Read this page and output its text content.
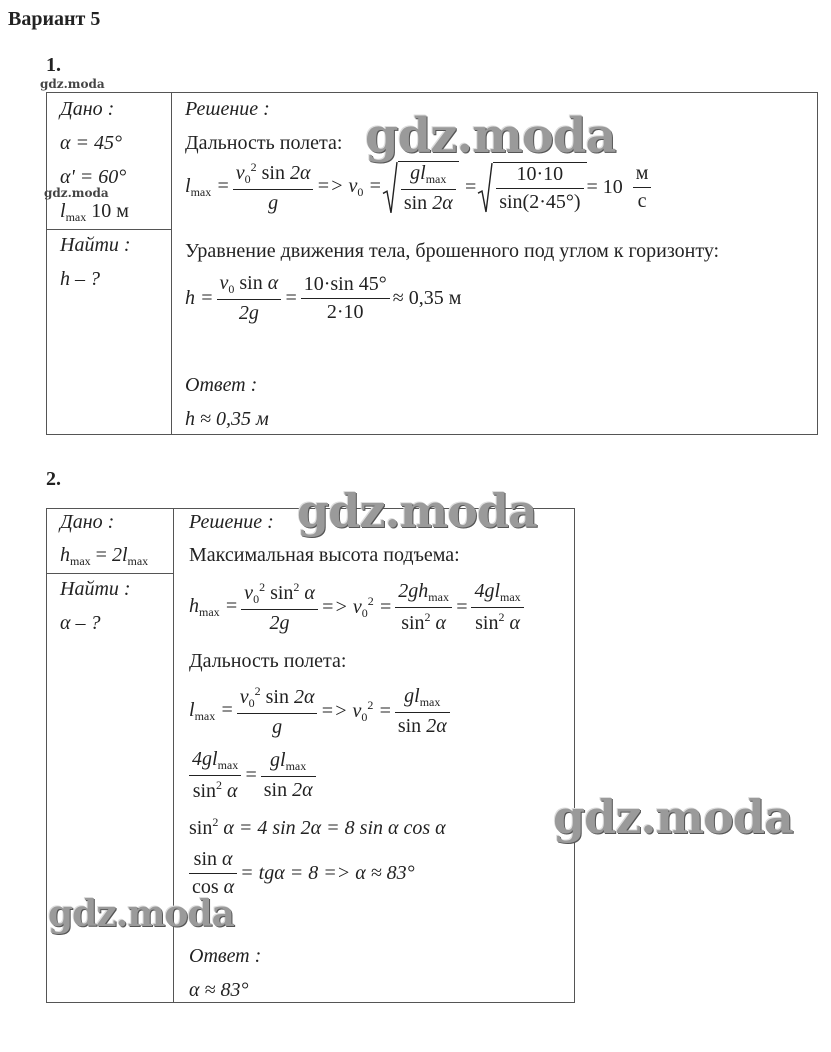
Вариант 5
1.
gdz.moda
Дано :
α = 45°
α' = 60°
gdz.moda
$l_{max}$ 10 м
Найти :
h – ?
Решение :
Дальность полета:
$l_{max} = \frac{v_0^2 \sin 2\alpha}{g} => v_0 = \frac{gl_{max}}{\sin 2\alpha} = \frac{10\cdot 10}{\sin(2\cdot 45^\circ)} = 10 \frac{м}{с}$
Уравнение движения тела, брошенного под углом к горизонту:
$h = \frac{v_0 \sin \alpha}{2g} = \frac{10\cdot\sin 45^\circ}{2\cdot 10} \approx 0,35$ м
Ответ :
h ≈ 0,35 м
gdz.moda
2.
Дано :
$h_{max} = 2l_{max}$
Найти :
α – ?
Решение :
Максимальная высота подъема:
$h_{max} = \frac{v_0^2 \sin^2 \alpha}{2g} => v_0^2 = \frac{2gh_{max}}{\sin^2 \alpha} = \frac{4gl_{max}}{\sin^2 \alpha}$
Дальность полета:
$l_{max} = \frac{v_0^2 \sin 2\alpha}{g} => v_0^2 = \frac{gl_{max}}{\sin 2\alpha}$
$\frac{4gl_{max}}{\sin^2 \alpha} = \frac{gl_{max}}{\sin 2\alpha}$
$\sin^2 \alpha = 4$ sin 2α = 8 sin α cos α
$\frac{\text{sin α}}{\text{cos α}} = tg\alpha = 8 => \alpha \approx 83^\circ$
Ответ :
α ≈ 83°
gdz.moda
gdz.moda
gdz.moda
